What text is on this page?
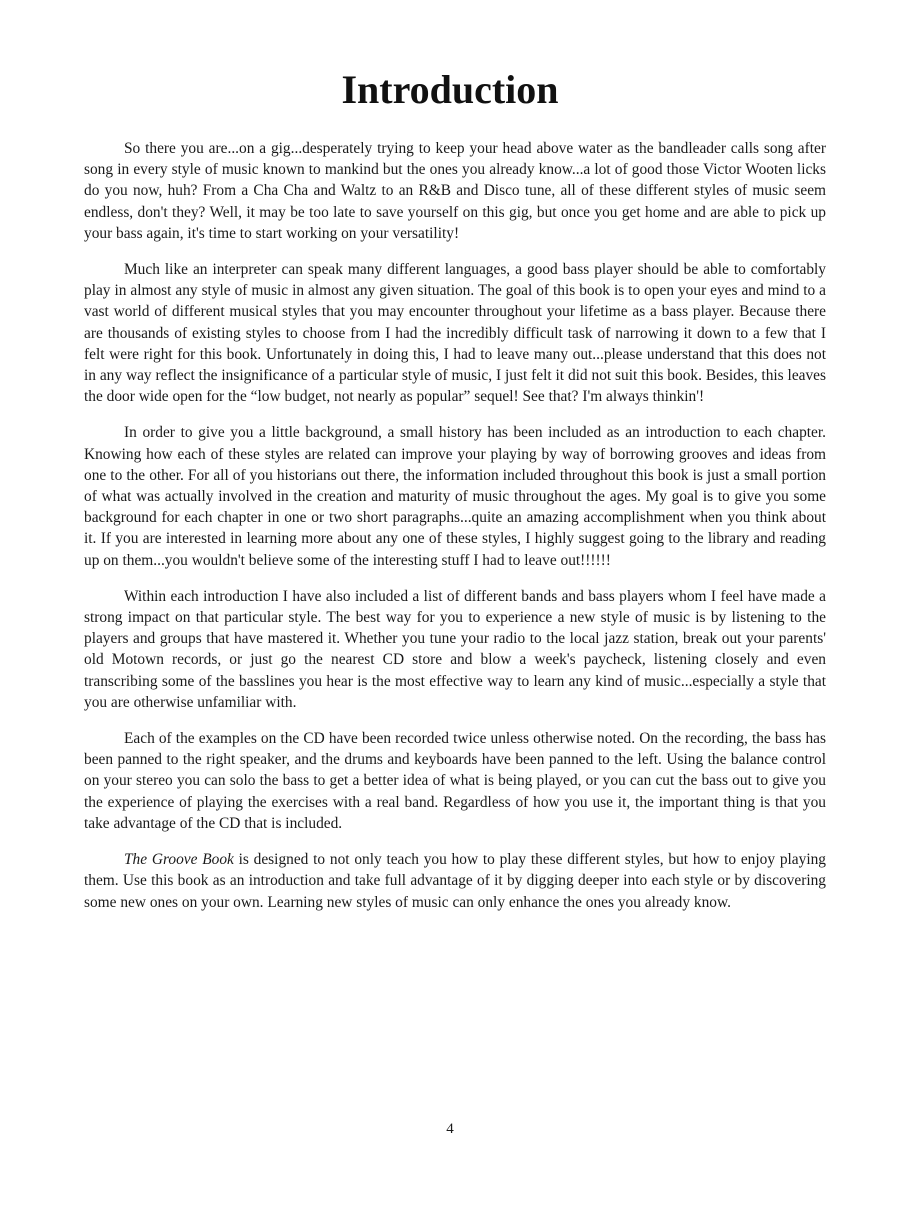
Introduction

So there you are...on a gig...desperately trying to keep your head above water as the bandleader calls song after song in every style of music known to mankind but the ones you already know...a lot of good those Victor Wooten licks do you now, huh? From a Cha Cha and Waltz to an R&B and Disco tune, all of these different styles of music seem endless, don't they? Well, it may be too late to save yourself on this gig, but once you get home and are able to pick up your bass again, it's time to start working on your versatility!

Much like an interpreter can speak many different languages, a good bass player should be able to comfortably play in almost any style of music in almost any given situation. The goal of this book is to open your eyes and mind to a vast world of different musical styles that you may encounter throughout your lifetime as a bass player. Because there are thousands of existing styles to choose from I had the incredibly difficult task of narrowing it down to a few that I felt were right for this book. Unfortunately in doing this, I had to leave many out...please understand that this does not in any way reflect the insignificance of a particular style of music, I just felt it did not suit this book. Besides, this leaves the door wide open for the “low budget, not nearly as popular” sequel! See that? I'm always thinkin'!

In order to give you a little background, a small history has been included as an introduction to each chapter. Knowing how each of these styles are related can improve your playing by way of borrowing grooves and ideas from one to the other. For all of you historians out there, the information included throughout this book is just a small portion of what was actually involved in the creation and maturity of music throughout the ages. My goal is to give you some background for each chapter in one or two short paragraphs...quite an amazing accomplishment when you think about it. If you are interested in learning more about any one of these styles, I highly suggest going to the library and reading up on them...you wouldn't believe some of the interesting stuff I had to leave out!!!!!!

Within each introduction I have also included a list of different bands and bass players whom I feel have made a strong impact on that particular style. The best way for you to experience a new style of music is by listening to the players and groups that have mastered it. Whether you tune your radio to the local jazz station, break out your parents' old Motown records, or just go the nearest CD store and blow a week's paycheck, listening closely and even transcribing some of the basslines you hear is the most effective way to learn any kind of music...especially a style that you are otherwise unfamiliar with.

Each of the examples on the CD have been recorded twice unless otherwise noted. On the recording, the bass has been panned to the right speaker, and the drums and keyboards have been panned to the left. Using the balance control on your stereo you can solo the bass to get a better idea of what is being played, or you can cut the bass out to give you the experience of playing the exercises with a real band. Regardless of how you use it, the important thing is that you take advantage of the CD that is included.

The Groove Book is designed to not only teach you how to play these different styles, but how to enjoy playing them. Use this book as an introduction and take full advantage of it by digging deeper into each style or by discovering some new ones on your own. Learning new styles of music can only enhance the ones you already know.

4
